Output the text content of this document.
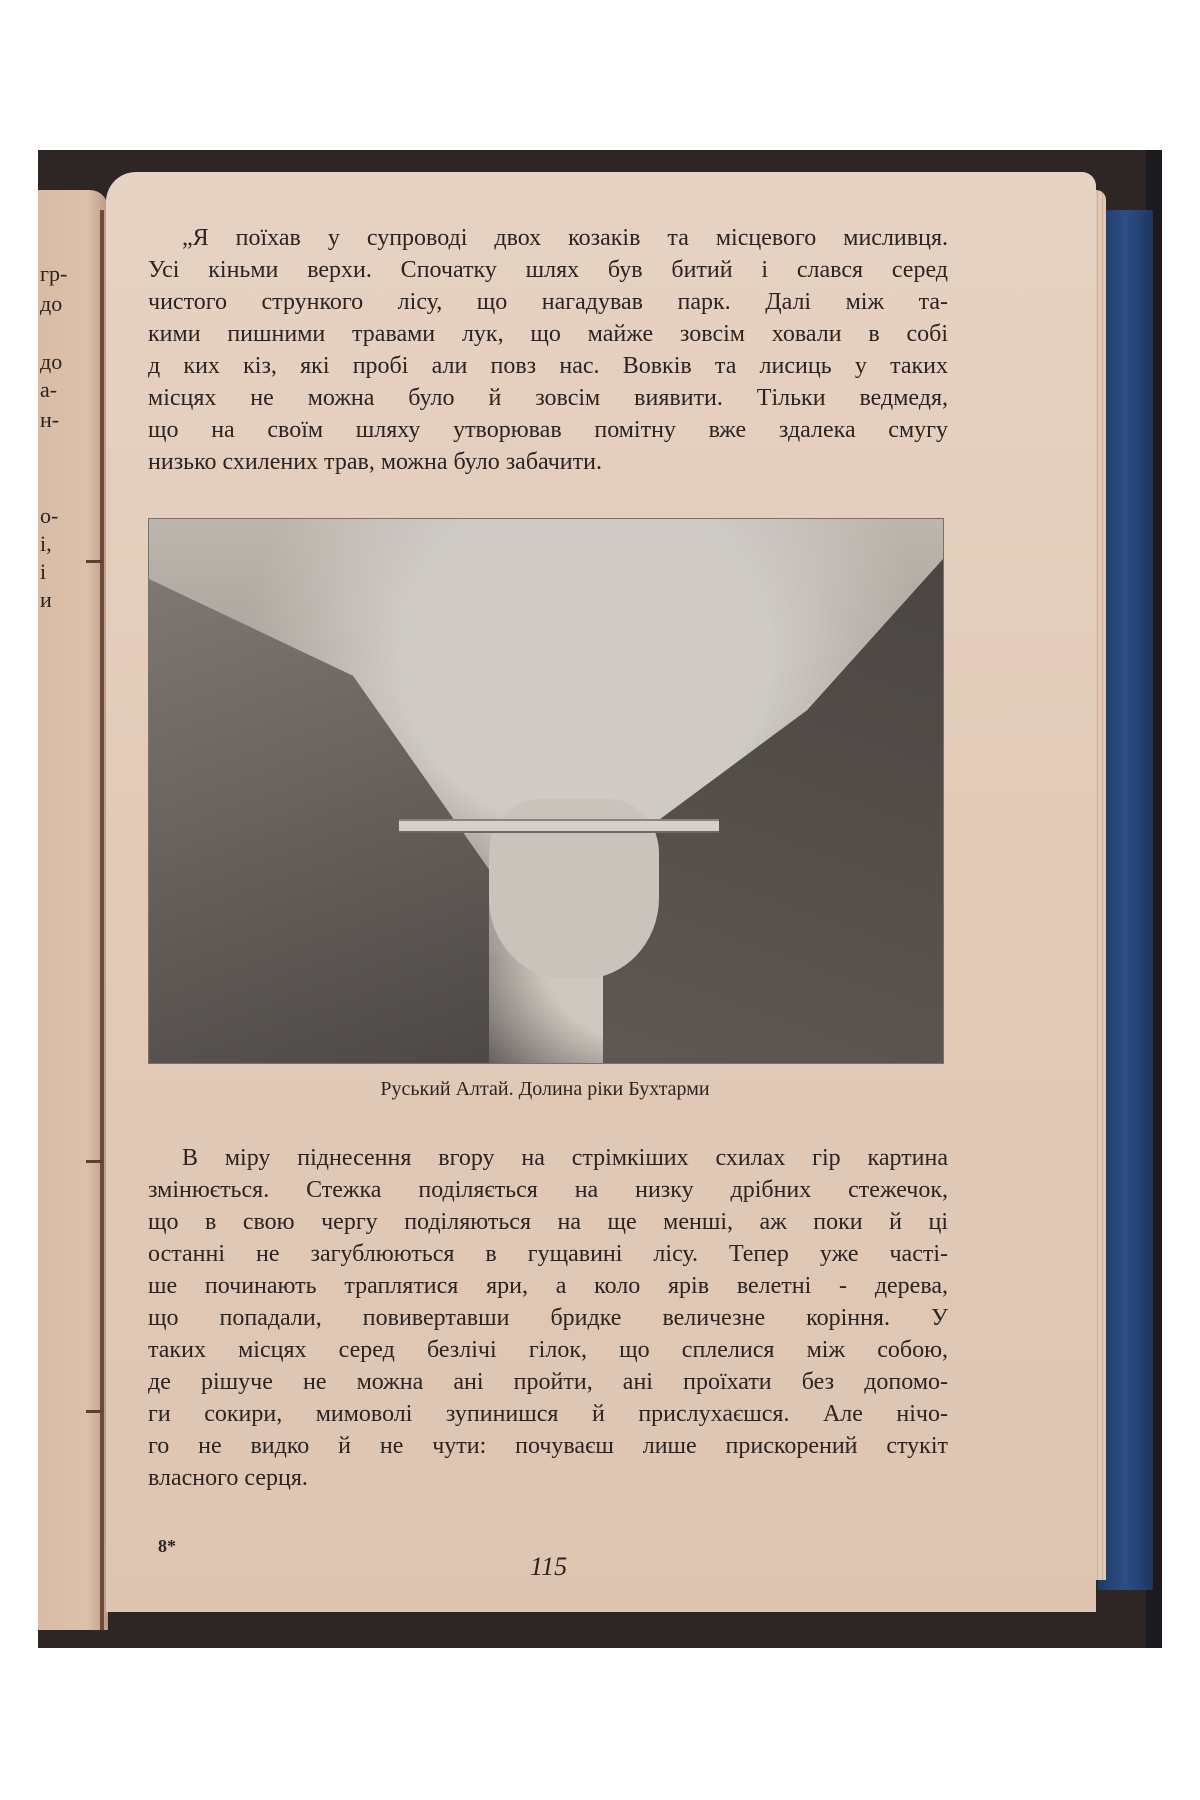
гр-
до
до
а-
н-
о-
і,
і
и
„Я поїхав у супроводі двох козаків та місцевого мисливця.
Усі кіньми верхи. Спочатку шлях був битий і слався серед
чистого стрункого лісу, що нагадував парк. Далі між та-
кими пишними травами лук, що майже зовсім ховали в собі
д ких кіз, які пробі али повз нас. Вовків та лисиць у таких
місцях не можна було й зовсім виявити. Тільки ведмедя,
що на своїм шляху утворював помітну вже здалека смугу
низько схилених трав, можна було забачити.
Руський Алтай. Долина ріки Бухтарми
В міру піднесення вгору на стрімкіших схилах гір картина
змінюється. Стежка поділяється на низку дрібних стежечок,
що в свою чергу поділяються на ще менші, аж поки й ці
останні не загублюються в гущавині лісу. Тепер уже часті-
ше починають траплятися яри, а коло ярів велетні - дерева,
що попадали, повивертавши бридке величезне коріння. У
таких місцях серед безлічі гілок, що сплелися між собою,
де рішуче не можна ані пройти, ані проїхати без допомо-
ги сокири, мимоволі зупинишся й прислухаєшся. Але нічо-
го не видко й не чути: почуваєш лише прискорений стукіт
власного серця.
8*
115
